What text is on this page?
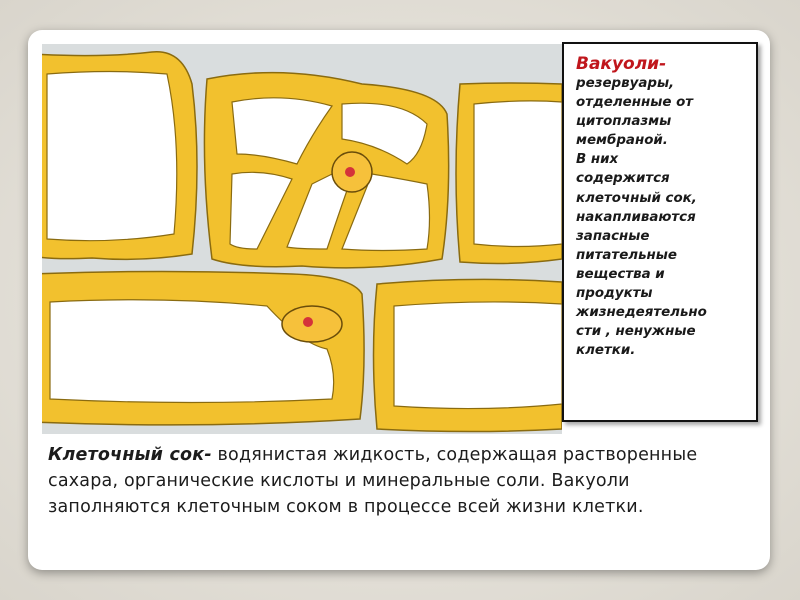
Вакуоли-
резервуары,
отделенные от
цитоплазмы
мембраной.
В них
содержится
клеточный сок,
накапливаются
запасные
питательные
вещества и
продукты
жизнедеятельно
сти , ненужные
клетки.
Клеточный сок- водянистая жидкость, содержащая растворенные сахара, органические кислоты и минеральные соли. Вакуоли заполняются клеточным соком в процессе всей жизни клетки.
